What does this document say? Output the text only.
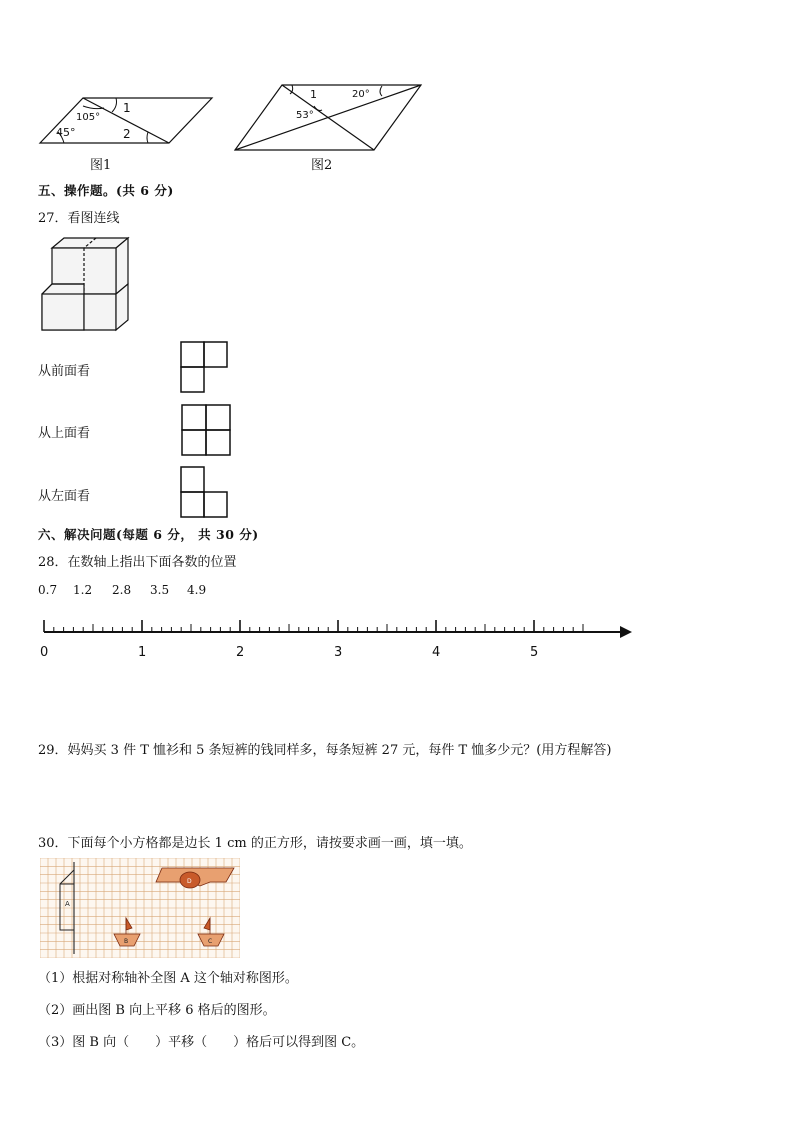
105°
45°
1
2
图1
1	20°
53°
图2
五、操作题。(共 6 分)
27．看图连线
从前面看
从上面看
从左面看
六、解决问题(每题 6 分， 共 30 分)
28．在数轴上指出下面各数的位置
0.7 1.2 2.8 3.5 4.9
0	1	2	3	4	5
29．妈妈买 3 件 T 恤衫和 5 条短裤的钱同样多，每条短裤 27 元，每件 T 恤多少元？(用方程解答)
30．下面每个小方格都是边长 1 cm 的正方形，请按要求画一画，填一填。
A
D
B	C
（1）根据对称轴补全图 A 这个轴对称图形。
（2）画出图 B 向上平移 6 格后的图形。
（3）图 B 向（　　）平移（　　）格后可以得到图 C。
